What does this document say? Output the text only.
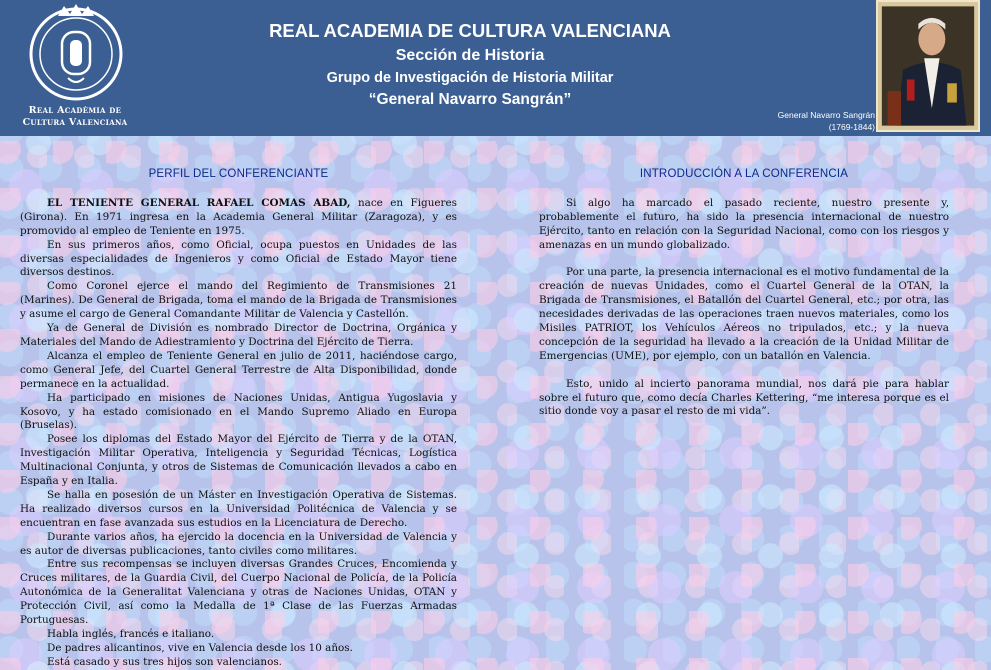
Real Acadèmia de
Cultura Valenciana
REAL ACADEMIA DE CULTURA VALENCIANA
Sección de Historia
Grupo de Investigación de Historia Militar
“General Navarro Sangrán”
General Navarro Sangrán
(1769-1844)
PERFIL DEL CONFERENCIANTE

EL TENIENTE GENERAL RAFAEL COMAS ABAD, nace en Figueres (Girona). En 1971 ingresa en la Academia General Militar (Zaragoza), y es promovido al empleo de Teniente en 1975.

En sus primeros años, como Oficial, ocupa puestos en Unidades de las diversas especialidades de Ingenieros y como Oficial de Estado Mayor tiene diversos destinos.

Como Coronel ejerce el mando del Regimiento de Transmisiones 21 (Marines). De General de Brigada, toma el mando de la Brigada de Transmisiones y asume el cargo de General Comandante Militar de Valencia y Castellón.

Ya de General de División es nombrado Director de Doctrina, Orgánica y Materiales del Mando de Adiestramiento y Doctrina del Ejército de Tierra.

Alcanza el empleo de Teniente General en julio de 2011, haciéndose cargo, como General Jefe, del Cuartel General Terrestre de Alta Disponibilidad, donde permanece en la actualidad.

Ha participado en misiones de Naciones Unidas, Antigua Yugoslavia y Kosovo, y ha estado comisionado en el Mando Supremo Aliado en Europa (Bruselas).

Posee los diplomas del Estado Mayor del Ejército de Tierra y de la OTAN, Investigación Militar Operativa, Inteligencia y Seguridad Técnicas, Logística Multinacional Conjunta, y otros de Sistemas de Comunicación llevados a cabo en España y en Italia.

Se halla en posesión de un Máster en Investigación Operativa de Sistemas. Ha realizado diversos cursos en la Universidad Politécnica de Valencia y se encuentran en fase avanzada sus estudios en la Licenciatura de Derecho.

Durante varios años, ha ejercido la docencia en la Universidad de Valencia y es autor de diversas publicaciones, tanto civiles como militares.

Entre sus recompensas se incluyen diversas Grandes Cruces, Encomienda y Cruces militares, de la Guardia Civil, del Cuerpo Nacional de Policía, de la Policía Autonómica de la Generalitat Valenciana y otras de Naciones Unidas, OTAN y Protección Civil, así como la Medalla de 1ª Clase de las Fuerzas Armadas Portuguesas.

Habla inglés, francés e italiano.

De padres alicantinos, vive en Valencia desde los 10 años.

Está casado y sus tres hijos son valencianos.

INTRODUCCIÓN A LA CONFERENCIA

Si algo ha marcado el pasado reciente, nuestro presente y, probablemente el futuro, ha sido la presencia internacional de nuestro Ejército, tanto en relación con la Seguridad Nacional, como con los riesgos y amenazas en un mundo globalizado.

Por una parte, la presencia internacional es el motivo fundamental de la creación de nuevas Unidades, como el Cuartel General de la OTAN, la Brigada de Transmisiones, el Batallón del Cuartel General, etc.; por otra, las necesidades derivadas de las operaciones traen nuevos materiales, como los Misiles PATRIOT, los Vehículos Aéreos no tripulados, etc.; y la nueva concepción de la seguridad ha llevado a la creación de la Unidad Militar de Emergencias (UME), por ejemplo, con un batallón en Valencia.

Esto, unido al incierto panorama mundial, nos dará pie para hablar sobre el futuro que, como decía Charles Kettering, “me interesa porque es el sitio donde voy a pasar el resto de mi vida”.
